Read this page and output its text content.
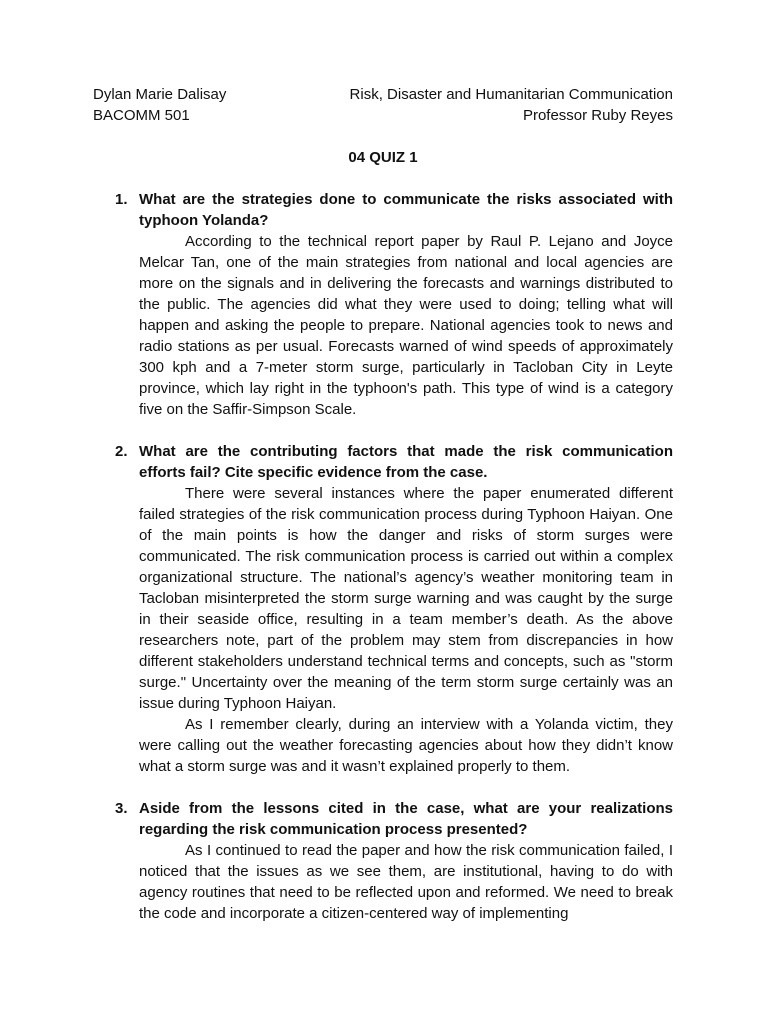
Dylan Marie Dalisay	Risk, Disaster and Humanitarian Communication
BACOMM 501	Professor Ruby Reyes
04 QUIZ 1
1. What are the strategies done to communicate the risks associated with typhoon Yolanda?
According to the technical report paper by Raul P. Lejano and Joyce Melcar Tan, one of the main strategies from national and local agencies are more on the signals and in delivering the forecasts and warnings distributed to the public. The agencies did what they were used to doing; telling what will happen and asking the people to prepare. National agencies took to news and radio stations as per usual. Forecasts warned of wind speeds of approximately 300 kph and a 7-meter storm surge, particularly in Tacloban City in Leyte province, which lay right in the typhoon's path. This type of wind is a category five on the Saffir-Simpson Scale.
2. What are the contributing factors that made the risk communication efforts fail? Cite specific evidence from the case.
There were several instances where the paper enumerated different failed strategies of the risk communication process during Typhoon Haiyan. One of the main points is how the danger and risks of storm surges were communicated. The risk communication process is carried out within a complex organizational structure. The national’s agency’s weather monitoring team in Tacloban misinterpreted the storm surge warning and was caught by the surge in their seaside office, resulting in a team member’s death. As the above researchers note, part of the problem may stem from discrepancies in how different stakeholders understand technical terms and concepts, such as "storm surge." Uncertainty over the meaning of the term storm surge certainly was an issue during Typhoon Haiyan.
As I remember clearly, during an interview with a Yolanda victim, they were calling out the weather forecasting agencies about how they didn’t know what a storm surge was and it wasn’t explained properly to them.
3. Aside from the lessons cited in the case, what are your realizations regarding the risk communication process presented?
As I continued to read the paper and how the risk communication failed, I noticed that the issues as we see them, are institutional, having to do with agency routines that need to be reflected upon and reformed. We need to break the code and incorporate a citizen-centered way of implementing
